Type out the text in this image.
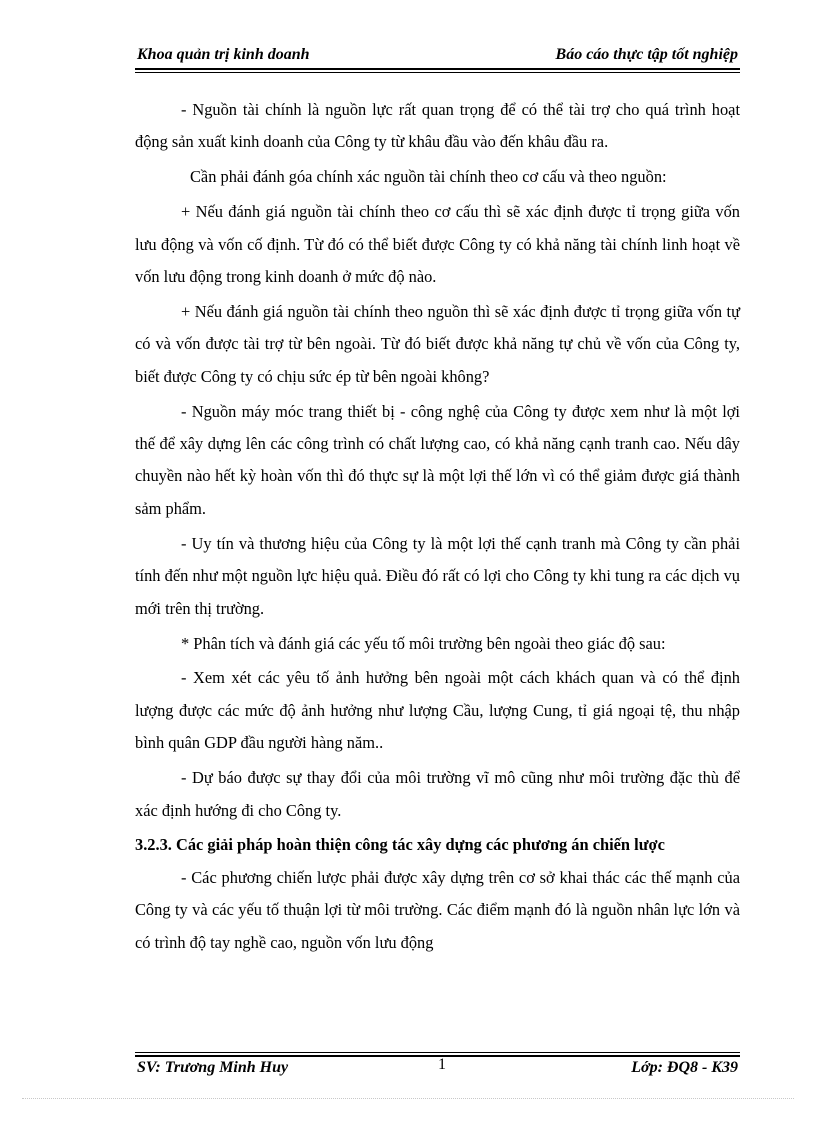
Khoa quản trị kinh doanh	Báo cáo thực tập tốt nghiệp

- Nguồn tài chính là nguồn lực rất quan trọng để có thể tài trợ cho quá trình hoạt động sản xuất kinh doanh của Công ty từ khâu đầu vào đến khâu đầu ra.

Cần phải đánh góa chính xác nguồn tài chính theo cơ cấu và theo nguồn:

+ Nếu đánh giá nguồn tài chính theo cơ cấu thì sẽ xác định được tỉ trọng giữa vốn lưu động và vốn cố định. Từ đó có thể biết được Công ty có khả năng tài chính linh hoạt về vốn lưu động trong kinh doanh ở mức độ nào.

+ Nếu đánh giá nguồn tài chính theo nguồn thì sẽ xác định được tỉ trọng giữa vốn tự có và vốn được tài trợ từ bên ngoài. Từ đó biết được khả năng tự chủ về vốn của Công ty, biết được Công ty có chịu sức ép từ bên ngoài không?

- Nguồn máy móc trang thiết bị - công nghệ của Công ty được xem như là một lợi thế để xây dựng lên các công trình có chất lượng cao, có khả năng cạnh tranh cao. Nếu dây chuyền nào hết kỳ hoàn vốn thì đó thực sự là một lợi thế lớn vì có thể giảm được giá thành sảm phẩm.

- Uy tín và thương hiệu của Công ty là một lợi thế cạnh tranh mà Công ty cần phải tính đến như một nguồn lực hiệu quả. Điều đó rất có lợi cho Công ty khi tung ra các dịch vụ mới trên thị trường.

* Phân tích và đánh giá các yếu tố môi trường bên ngoài theo giác độ sau:

- Xem xét các yêu tố ảnh hưởng bên ngoài một cách khách quan và có thể định lượng được các mức độ ảnh hưởng như lượng Cầu, lượng Cung, tỉ giá ngoại tệ, thu nhập bình quân GDP đầu người hàng năm..

- Dự báo được sự thay đổi của môi trường vĩ mô cũng như môi trường đặc thù để xác định hướng đi cho Công ty.

3.2.3. Các giải pháp hoàn thiện công tác xây dựng các phương án chiến lược

- Các phương chiến lược phải được xây dựng trên cơ sở khai thác các thế mạnh của Công ty và các yếu tố thuận lợi từ môi trường. Các điểm mạnh đó là nguồn nhân lực lớn và có trình độ tay nghề cao, nguồn vốn lưu động

SV: Trương Minh Huy	1	Lớp: ĐQ8 - K39
